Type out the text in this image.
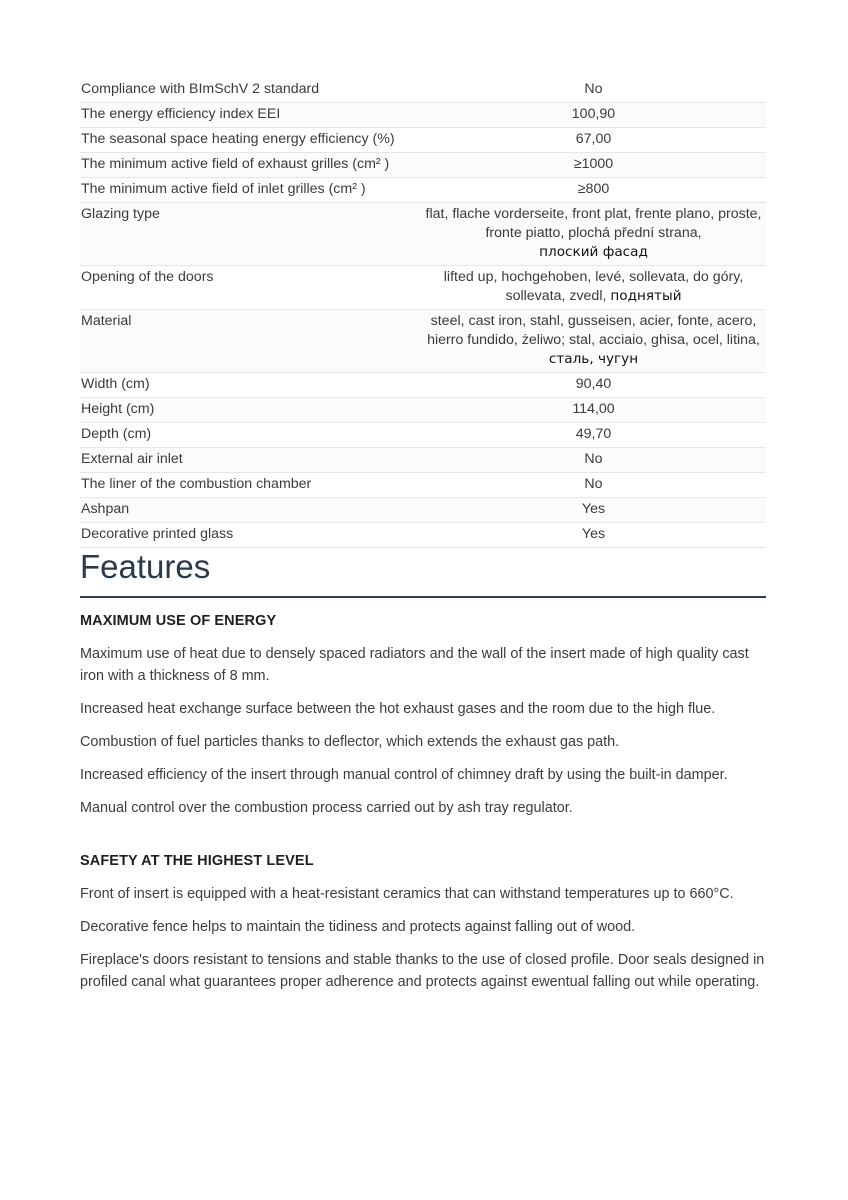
Compliance with BImSchV 2 standard	No
The energy efficiency index EEI	100,90
The seasonal space heating energy efficiency (%)	67,00
The minimum active field of exhaust grilles (cm² )	≥1000
The minimum active field of inlet grilles (cm² )	≥800
Glazing type	flat, flache vorderseite, front plat, frente plano, proste, fronte piatto, plochá přední strana,
плоский фасад
Opening of the doors	lifted up, hochgehoben, levé, sollevata, do góry, sollevata, zvedl, поднятый
Material	steel, cast iron, stahl, gusseisen, acier, fonte, acero, hierro fundido, żeliwo; stal, acciaio, ghisa, ocel, litina, сталь, чугун
Width (cm)	90,40
Height (cm)	114,00
Depth (cm)	49,70
External air inlet	No
The liner of the combustion chamber	No
Ashpan	Yes
Decorative printed glass	Yes
Features
MAXIMUM USE OF ENERGY

Maximum use of heat due to densely spaced radiators and the wall of the insert made of high quality cast iron with a thickness of 8 mm.

Increased heat exchange surface between the hot exhaust gases and the room due to the high flue.

Combustion of fuel particles thanks to deflector, which extends the exhaust gas path.

Increased efficiency of the insert through manual control of chimney draft by using the built-in damper.

Manual control over the combustion process carried out by ash tray regulator.

SAFETY AT THE HIGHEST LEVEL

Front of insert is equipped with a heat-resistant ceramics that can withstand temperatures up to 660°C.

Decorative fence helps to maintain the tidiness and protects against falling out of wood.

Fireplace's doors resistant to tensions and stable thanks to the use of closed profile. Door seals designed in profiled canal what guarantees proper adherence and protects against ewentual falling out while operating.
